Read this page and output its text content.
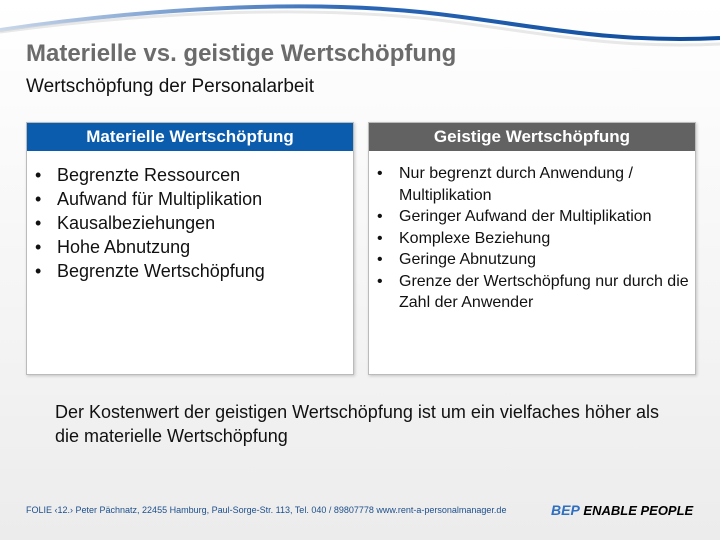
Materielle vs. geistige Wertschöpfung
Wertschöpfung der Personalarbeit
Materielle Wertschöpfung
• Begrenzte Ressourcen
• Aufwand für Multiplikation
• Kausalbeziehungen
• Hohe Abnutzung
• Begrenzte Wertschöpfung
Geistige Wertschöpfung
• Nur begrenzt durch Anwendung / Multiplikation
• Geringer Aufwand der Multiplikation
• Komplexe Beziehung
• Geringe Abnutzung
• Grenze der Wertschöpfung nur durch die Zahl der Anwender
Der Kostenwert der geistigen Wertschöpfung ist um ein vielfaches höher als die materielle Wertschöpfung
FOLIE ‹12.› Peter Pächnatz, 22455 Hamburg, Paul-Sorge-Str. 113, Tel. 040 / 89807778 www.rent-a-personalmanager.de	BEP ENABLE PEOPLE
